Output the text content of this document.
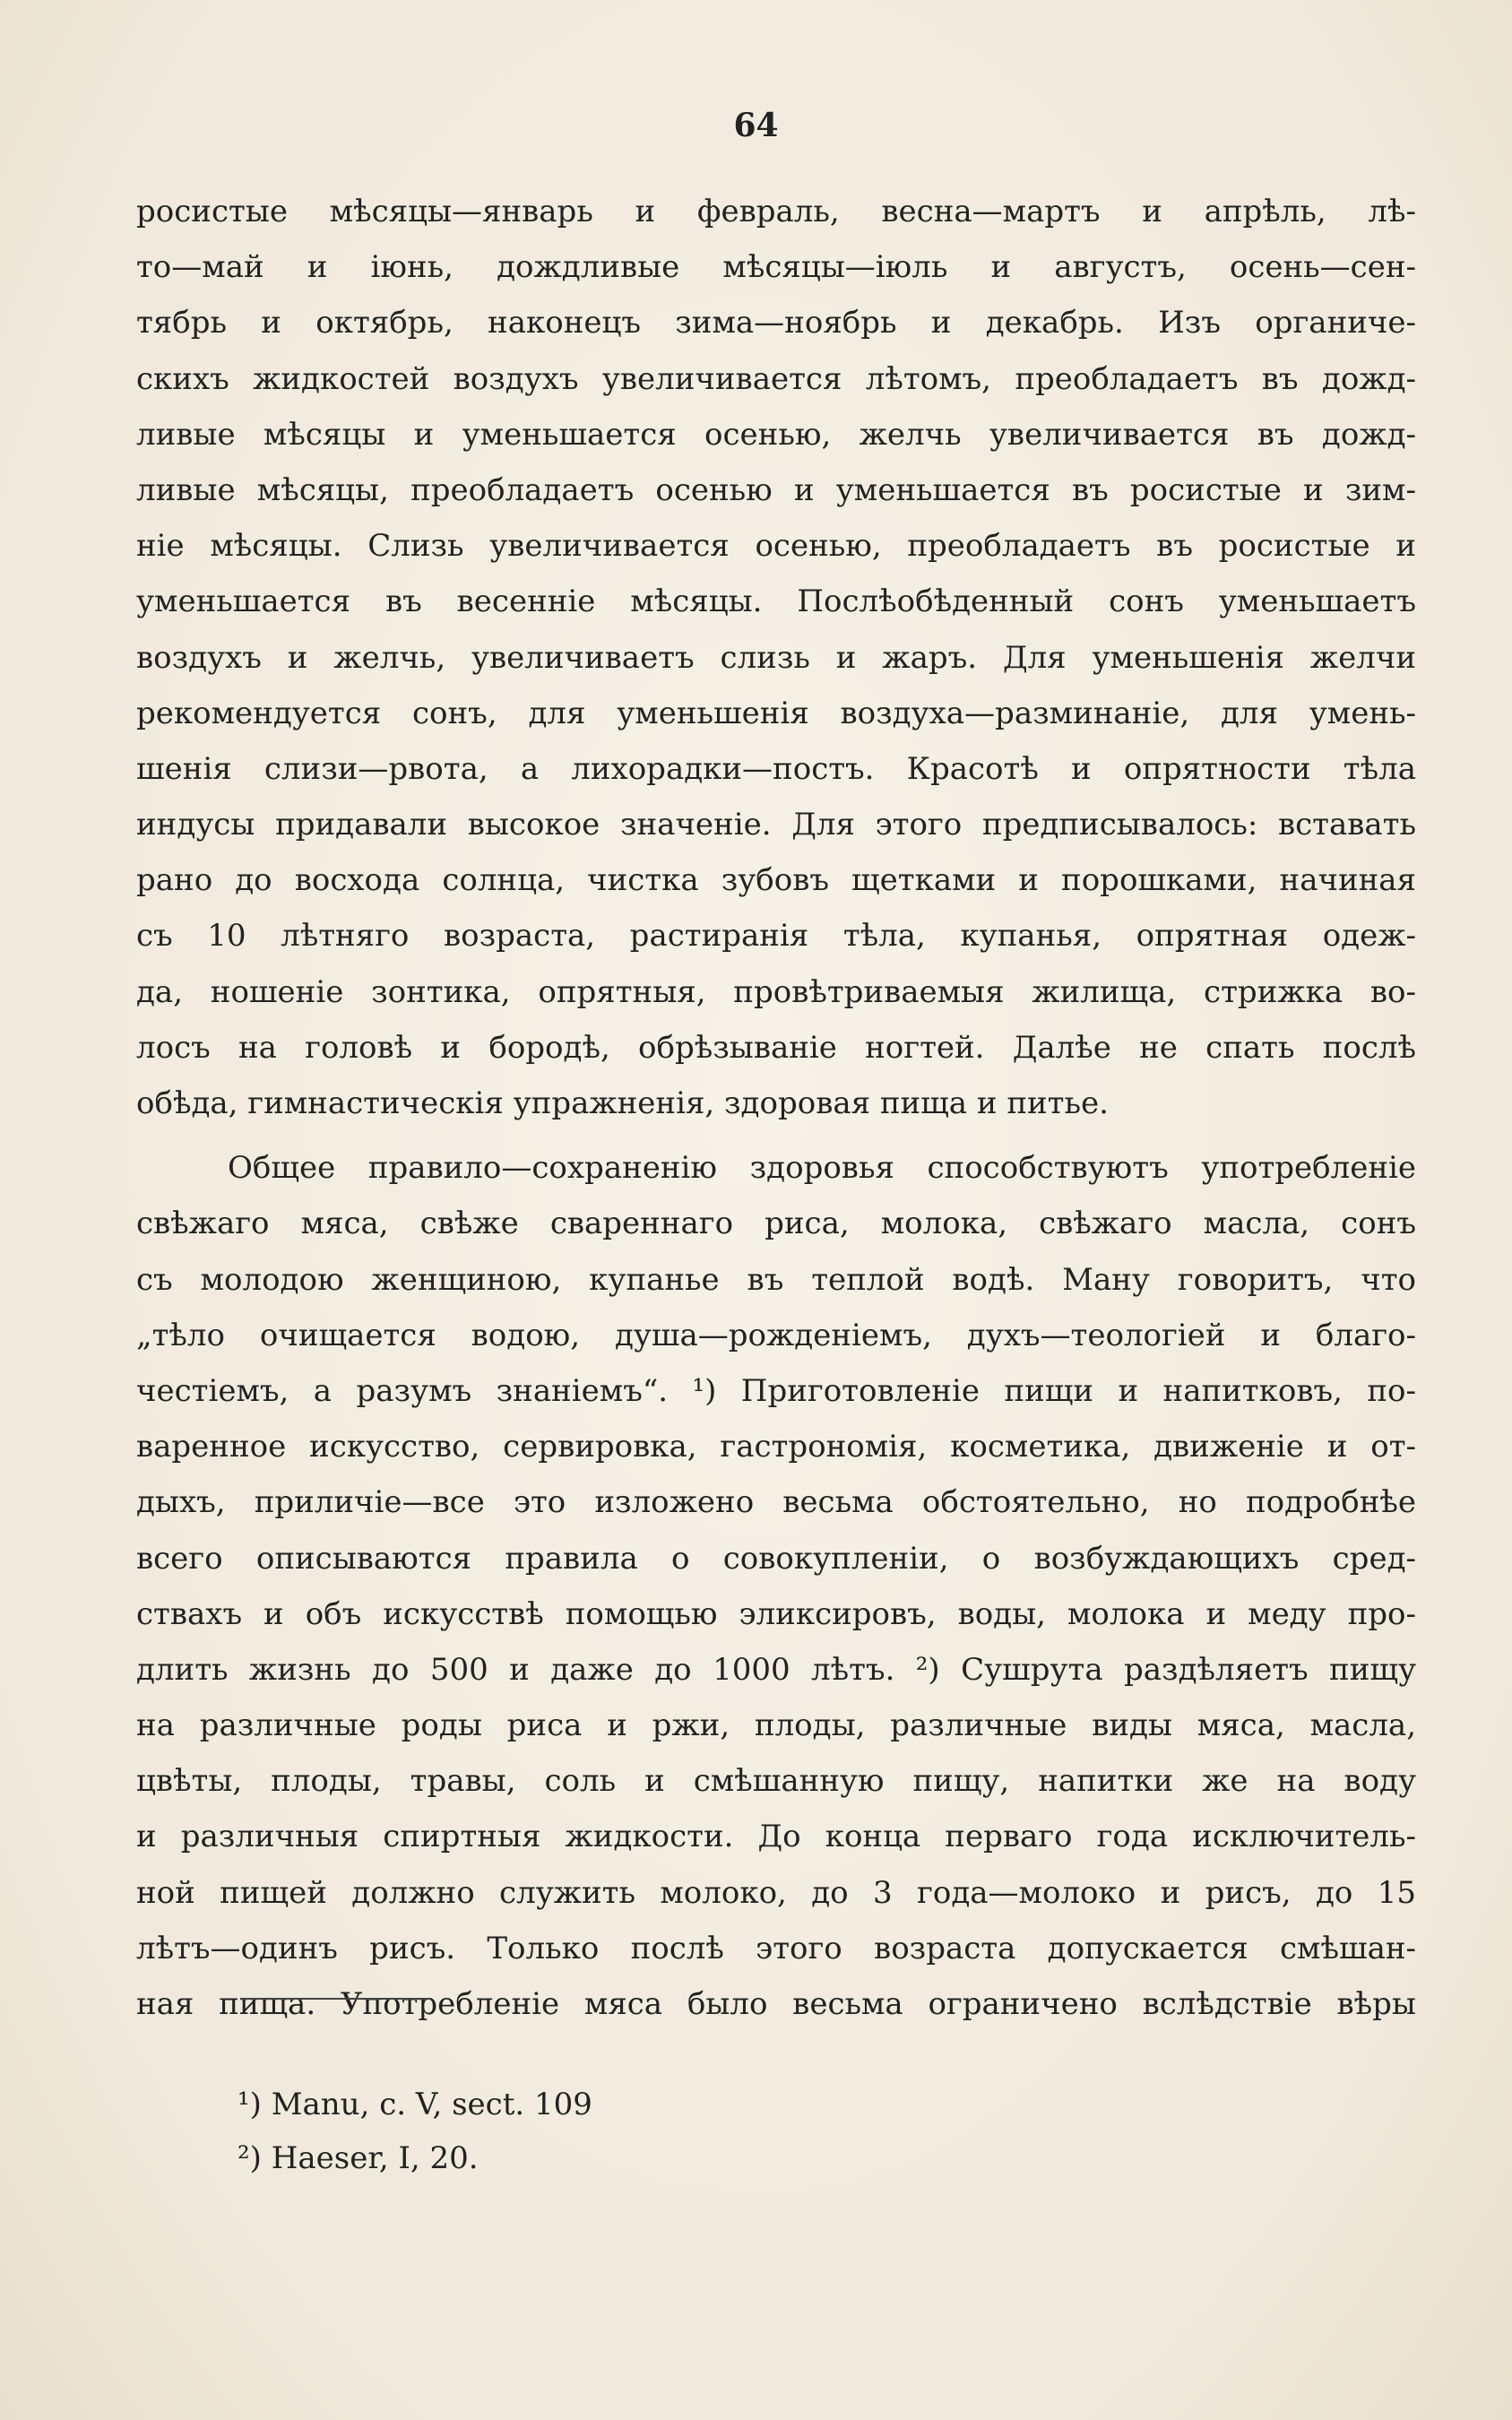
64
росистые мѣсяцы—январь и февраль, весна—мартъ и апрѣль, лѣ-
то—май и іюнь, дождливые мѣсяцы—іюль и августъ, осень—сен-
тябрь и октябрь, наконецъ зима—ноябрь и декабрь. Изъ органиче-
скихъ жидкостей воздухъ увеличивается лѣтомъ, преобладаетъ въ дожд-
ливые мѣсяцы и уменьшается осенью, желчь увеличивается въ дожд-
ливые мѣсяцы, преобладаетъ осенью и уменьшается въ росистые и зим-
ніе мѣсяцы. Слизь увеличивается осенью, преобладаетъ въ росистые и
уменьшается въ весенніе мѣсяцы. Послѣобѣденный сонъ уменьшаетъ
воздухъ и желчь, увеличиваетъ слизь и жаръ. Для уменьшенія желчи
рекомендуется сонъ, для уменьшенія воздуха—разминаніе, для умень-
шенія слизи—рвота, а лихорадки—постъ. Красотѣ и опрятности тѣла
индусы придавали высокое значеніе. Для этого предписывалось: вставать
рано до восхода солнца, чистка зубовъ щетками и порошками, начиная
съ 10 лѣтняго возраста, растиранія тѣла, купанья, опрятная одеж-
да, ношеніе зонтика, опрятныя, провѣтриваемыя жилища, стрижка во-
лосъ на головѣ и бородѣ, обрѣзываніе ногтей. Далѣе не спать послѣ
обѣда, гимнастическія упражненія, здоровая пища и питье.
Общее правило—сохраненію здоровья способствуютъ употребленіе
свѣжаго мяса, свѣже свареннаго риса, молока, свѣжаго масла, сонъ
съ молодою женщиною, купанье въ теплой водѣ. Ману говоритъ, что
„тѣло очищается водою, душа—рожденіемъ, духъ—теологіей и благо-
честіемъ, а разумъ знаніемъ“. ¹) Приготовленіе пищи и напитковъ, по-
варенное искусство, сервировка, гастрономія, косметика, движеніе и от-
дыхъ, приличіе—все это изложено весьма обстоятельно, но подробнѣе
всего описываются правила о совокупленіи, о возбуждающихъ сред-
ствахъ и объ искусствѣ помощью эликсировъ, воды, молока и меду про-
длить жизнь до 500 и даже до 1000 лѣтъ. ²) Сушрута раздѣляетъ пищу
на различные роды риса и ржи, плоды, различные виды мяса, масла,
цвѣты, плоды, травы, соль и смѣшанную пищу, напитки же на воду
и различныя спиртныя жидкости. До конца перваго года исключитель-
ной пищей должно служить молоко, до 3 года—молоко и рисъ, до 15
лѣтъ—одинъ рисъ. Только послѣ этого возраста допускается смѣшан-
ная пища. Употребленіе мяса было весьма ограничено вслѣдствіе вѣры
¹) Manu, c. V, sect. 109
²) Haeser, I, 20.
